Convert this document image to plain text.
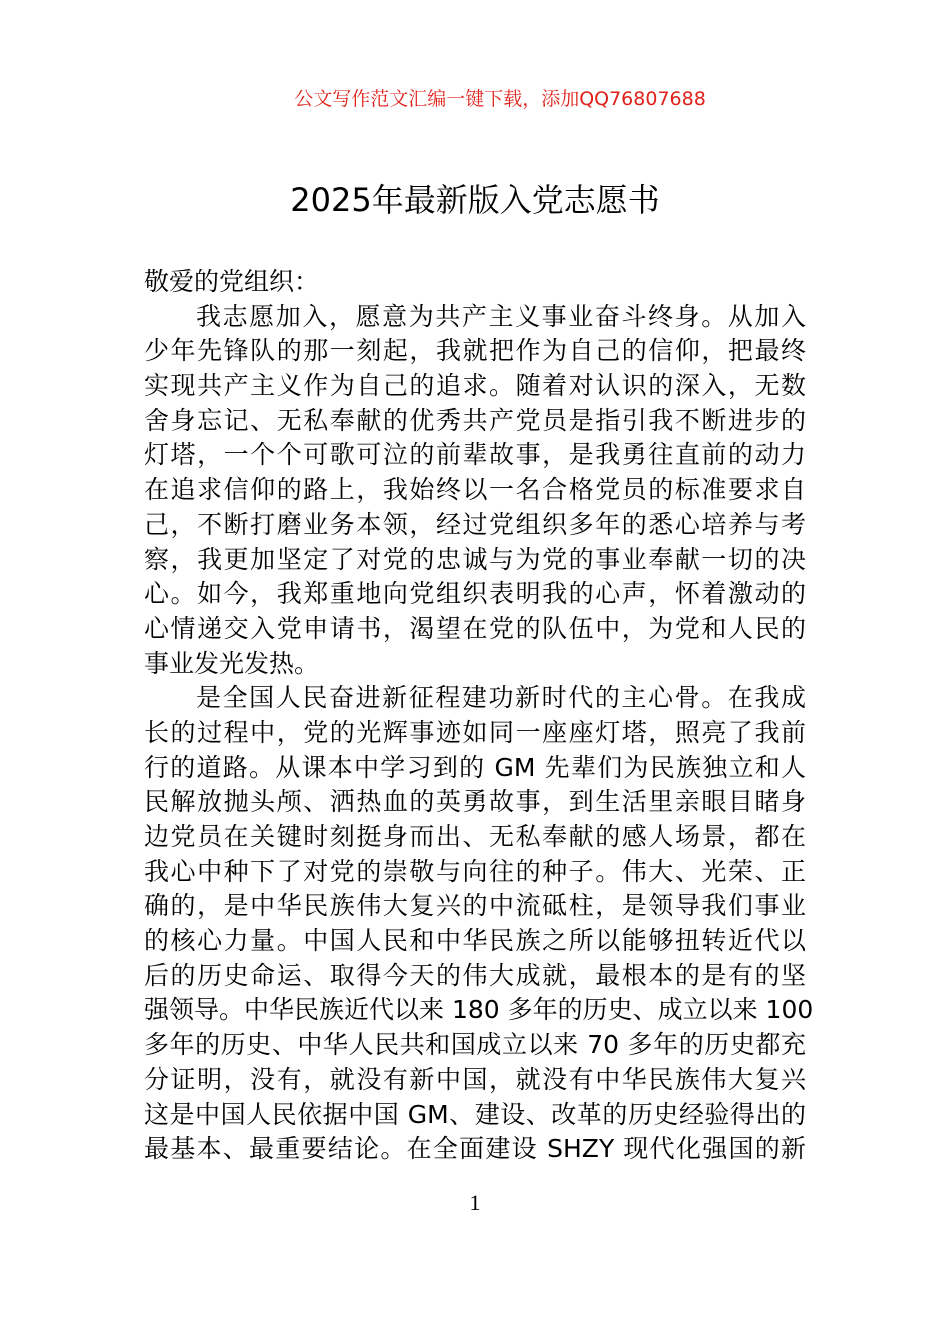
公文写作范文汇编一键下载，添加QQ76807688
2025年最新版入党志愿书
敬爱的党组织：
我志愿加入，愿意为共产主义事业奋斗终身。从加入
少年先锋队的那一刻起，我就把作为自己的信仰，把最终
实现共产主义作为自己的追求。随着对认识的深入，无数
舍身忘记、无私奉献的优秀共产党员是指引我不断进步的
灯塔，一个个可歌可泣的前辈故事，是我勇往直前的动力
在追求信仰的路上，我始终以一名合格党员的标准要求自
己，不断打磨业务本领，经过党组织多年的悉心培养与考
察，我更加坚定了对党的忠诚与为党的事业奉献一切的决
心。如今，我郑重地向党组织表明我的心声，怀着激动的
心情递交入党申请书，渴望在党的队伍中，为党和人民的
事业发光发热。
是全国人民奋进新征程建功新时代的主心骨。在我成
长的过程中，党的光辉事迹如同一座座灯塔，照亮了我前
行的道路。从课本中学习到的 GM 先辈们为民族独立和人
民解放抛头颅、洒热血的英勇故事，到生活里亲眼目睹身
边党员在关键时刻挺身而出、无私奉献的感人场景，都在
我心中种下了对党的崇敬与向往的种子。伟大、光荣、正
确的，是中华民族伟大复兴的中流砥柱，是领导我们事业
的核心力量。中国人民和中华民族之所以能够扭转近代以
后的历史命运、取得今天的伟大成就，最根本的是有的坚
强领导。中华民族近代以来 180 多年的历史、成立以来 100
多年的历史、中华人民共和国成立以来 70 多年的历史都充
分证明，没有，就没有新中国，就没有中华民族伟大复兴
这是中国人民依据中国 GM、建设、改革的历史经验得出的
最基本、最重要结论。在全面建设 SHZY 现代化强国的新
1
